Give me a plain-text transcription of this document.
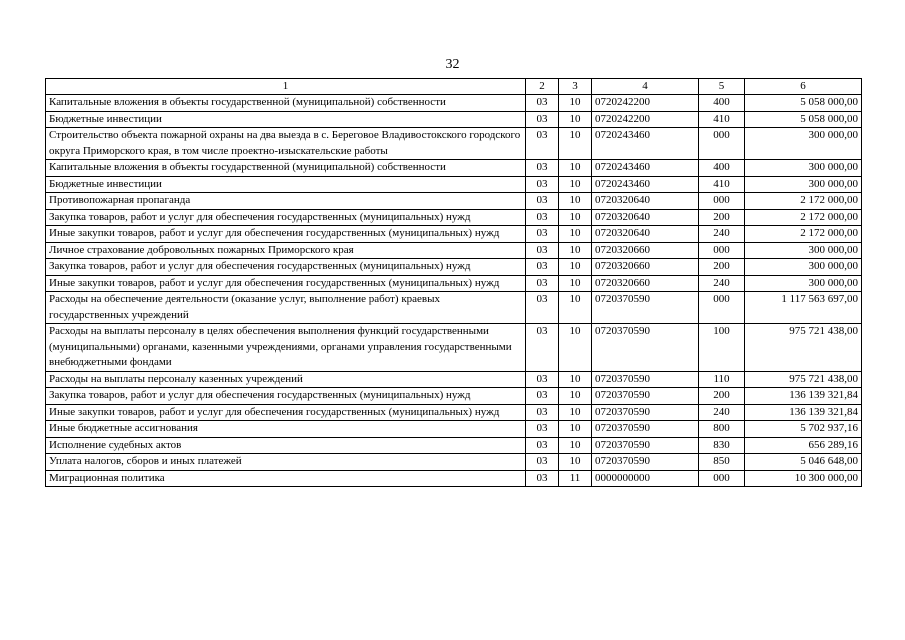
32
1	2	3	4	5	6
Капитальные вложения в объекты государственной (муниципальной) собственности	03	10	0720242200	400	5 058 000,00
Бюджетные инвестиции	03	10	0720242200	410	5 058 000,00
Строительство объекта пожарной охраны на два выезда в с. Береговое Владивостокского городского округа Приморского края, в том числе проектно-изыскательские работы	03	10	0720243460	000	300 000,00
Капитальные вложения в объекты государственной (муниципальной) собственности	03	10	0720243460	400	300 000,00
Бюджетные инвестиции	03	10	0720243460	410	300 000,00
Противопожарная пропаганда	03	10	0720320640	000	2 172 000,00
Закупка товаров, работ и услуг для обеспечения государственных (муниципальных) нужд	03	10	0720320640	200	2 172 000,00
Иные закупки товаров, работ и услуг для обеспечения государственных (муниципальных) нужд	03	10	0720320640	240	2 172 000,00
Личное страхование добровольных пожарных Приморского края	03	10	0720320660	000	300 000,00
Закупка товаров, работ и услуг для обеспечения государственных (муниципальных) нужд	03	10	0720320660	200	300 000,00
Иные закупки товаров, работ и услуг для обеспечения государственных (муниципальных) нужд	03	10	0720320660	240	300 000,00
Расходы на обеспечение деятельности (оказание услуг, выполнение работ) краевых государственных учреждений	03	10	0720370590	000	1 117 563 697,00
Расходы на выплаты персоналу в целях обеспечения выполнения функций государственными (муниципальными) органами, казенными учреждениями, органами управления государственными внебюджетными фондами	03	10	0720370590	100	975 721 438,00
Расходы на выплаты персоналу казенных учреждений	03	10	0720370590	110	975 721 438,00
Закупка товаров, работ и услуг для обеспечения государственных (муниципальных) нужд	03	10	0720370590	200	136 139 321,84
Иные закупки товаров, работ и услуг для обеспечения государственных (муниципальных) нужд	03	10	0720370590	240	136 139 321,84
Иные бюджетные ассигнования	03	10	0720370590	800	5 702 937,16
Исполнение судебных актов	03	10	0720370590	830	656 289,16
Уплата налогов, сборов и иных платежей	03	10	0720370590	850	5 046 648,00
Миграционная политика	03	11	0000000000	000	10 300 000,00
